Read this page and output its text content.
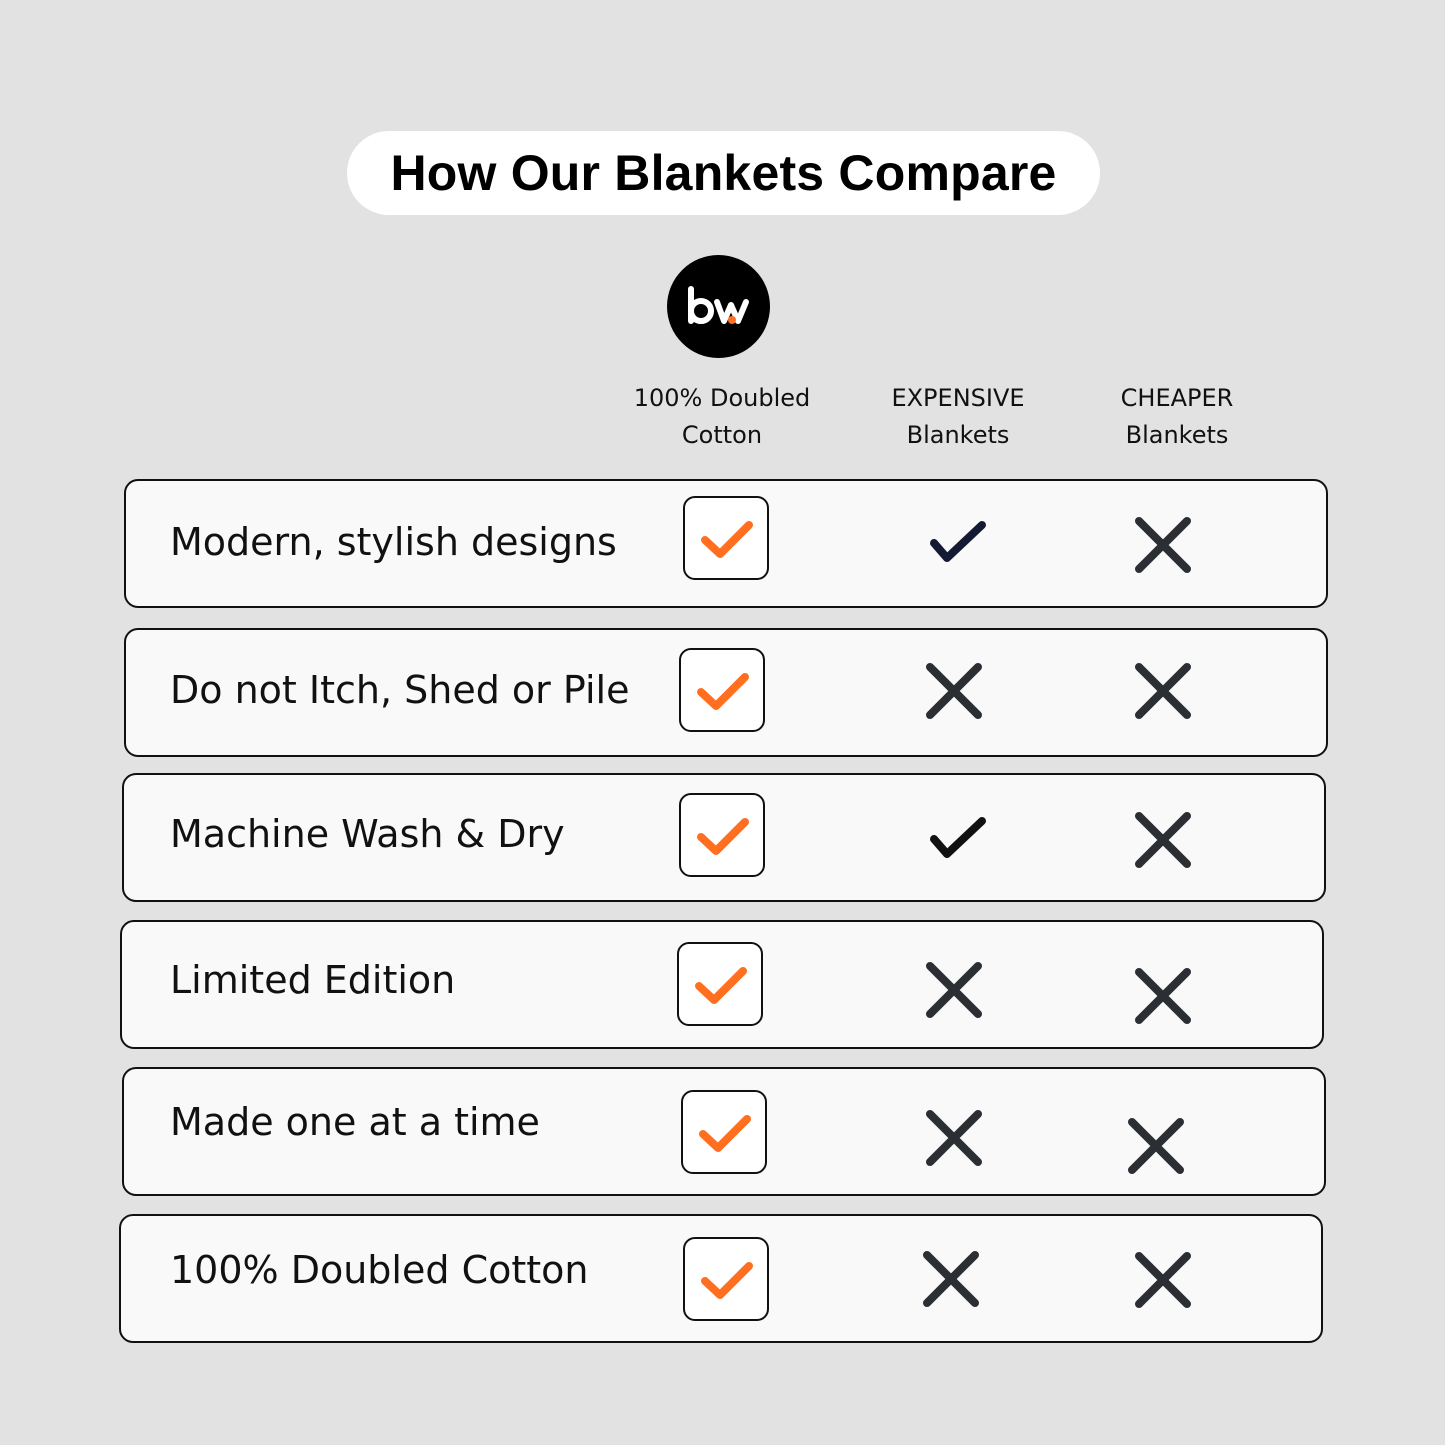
How Our Blankets Compare
100% Doubled
Cotton
EXPENSIVE
Blankets
CHEAPER
Blankets
Modern, stylish designs
Do not Itch, Shed or Pile
Machine Wash & Dry
Limited Edition
Made one at a time
100% Doubled Cotton
